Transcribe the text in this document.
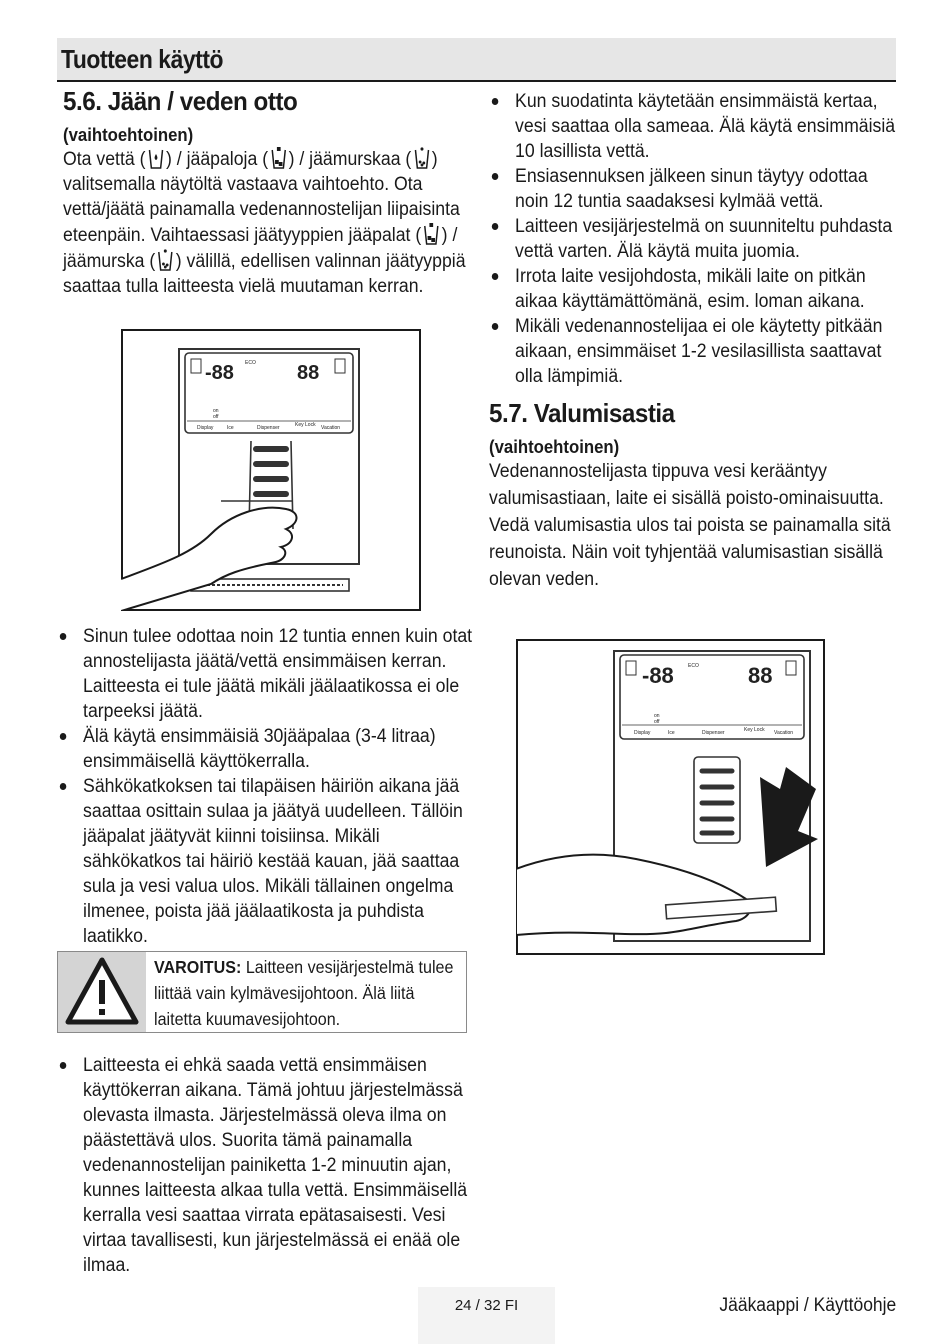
Tuotteen käyttö
5.6. Jään / veden otto
(vaihtoehtoinen)
Ota vettä ( ) / jääpaloja ( ) / jäämurskaa ( ) valitsemalla näytöltä vastaava vaihtoehto. Ota vettä/jäätä painamalla vedenannostelijan liipaisinta eteenpäin. Vaihtaessasi jäätyyppien jääpalat ( ) / jäämurska ( ) välillä, edellisen valinnan jäätyyppiä saattaa tulla laitteesta vielä muutaman kerran.
-88	88
ECO
on
off
Display	Ice	Dispenser	Key Lock Vacation
Sinun tulee odottaa noin 12 tuntia ennen kuin otat annostelijasta jäätä/vettä ensimmäisen kerran. Laitteesta ei tule jäätä mikäli jäälaatikossa ei ole tarpeeksi jäätä.
Älä käytä ensimmäisiä 30jääpalaa (3-4 litraa) ensimmäisellä käyttökerralla.
Sähkökatkoksen tai tilapäisen häiriön aikana jää saattaa osittain sulaa ja jäätyä uudelleen. Tällöin jääpalat jäätyvät kiinni toisiinsa. Mikäli sähkökatkos tai häiriö kestää kauan, jää saattaa sula ja vesi valua ulos. Mikäli tällainen ongelma ilmenee, poista jää jäälaatikosta ja puhdista laatikko.
VAROITUS: Laitteen vesijärjestelmä tulee liittää vain kylmävesijohtoon. Älä liitä laitetta kuumavesijohtoon.
Laitteesta ei ehkä saada vettä ensimmäisen käyttökerran aikana. Tämä johtuu järjestelmässä olevasta ilmasta. Järjestelmässä oleva ilma on päästettävä ulos. Suorita tämä painamalla vedenannostelijan painiketta 1-2 minuutin ajan, kunnes laitteesta alkaa tulla vettä. Ensimmäisellä kerralla vesi saattaa virrata epätasaisesti. Vesi virtaa tavallisesti, kun järjestelmässä ei enää ole ilmaa.
Kun suodatinta käytetään ensimmäistä kertaa, vesi saattaa olla sameaa. Älä käytä ensimmäisiä 10 lasillista vettä.
Ensiasennuksen jälkeen sinun täytyy odottaa noin 12 tuntia saadaksesi kylmää vettä.
Laitteen vesijärjestelmä on suunniteltu puhdasta vettä varten. Älä käytä muita juomia.
Irrota laite vesijohdosta, mikäli laite on pitkän aikaa käyttämättömänä, esim. loman aikana.
Mikäli vedenannostelijaa ei ole käytetty pitkään aikaan, ensimmäiset 1-2 vesilasillista saattavat olla lämpimiä.
5.7. Valumisastia
(vaihtoehtoinen)
Vedenannostelijasta tippuva vesi kerääntyy valumisastiaan, laite ei sisällä poisto-ominaisuutta. Vedä valumisastia ulos tai poista se painamalla sitä reunoista. Näin voit tyhjentää valumisastian sisällä olevan veden.
-88	88
ECO
on
off
Display	Ice	Dispenser	Key Lock Vacation
24 / 32 FI	Jääkaappi / Käyttöohje
